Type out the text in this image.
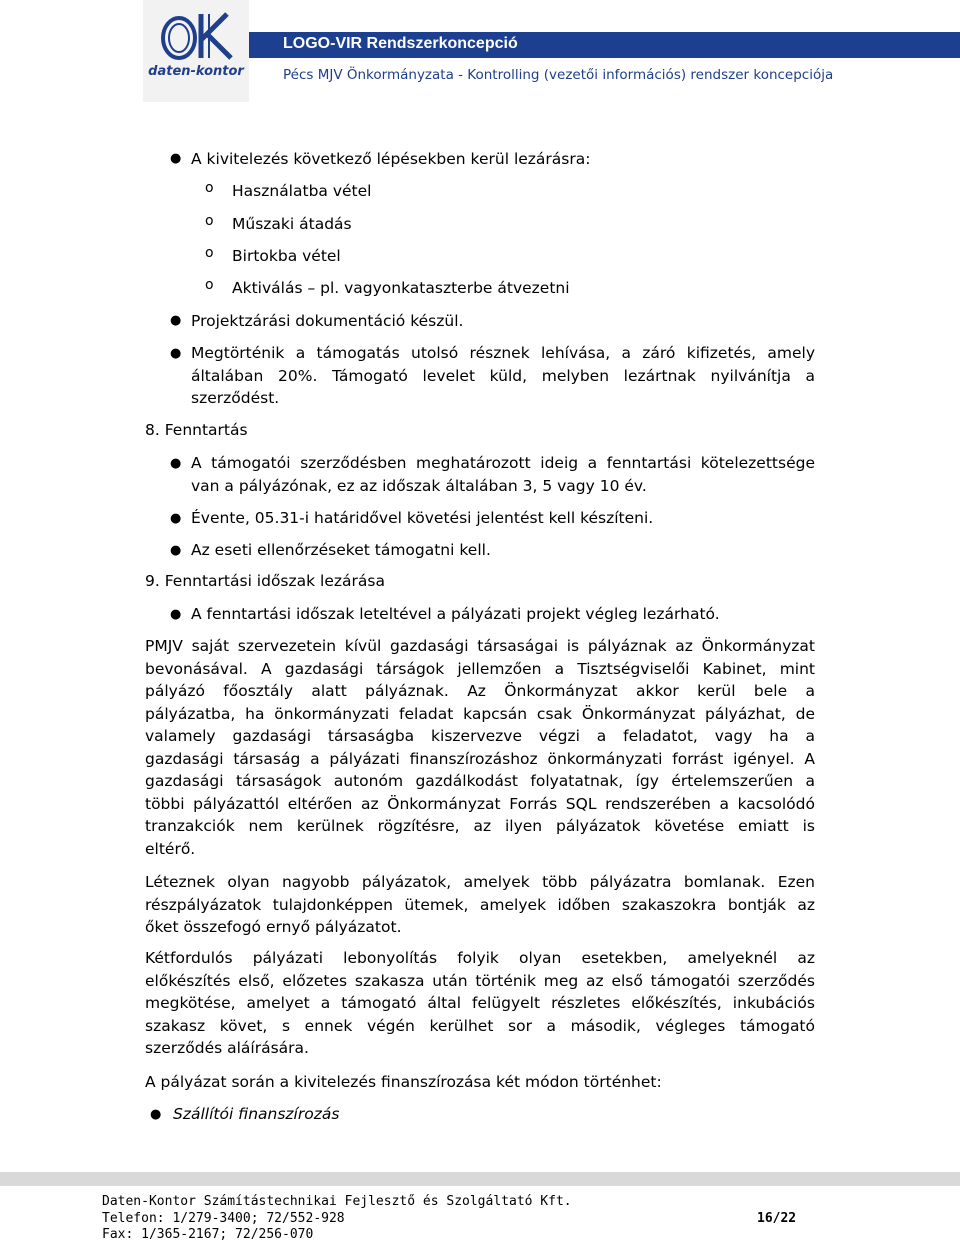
daten-kontor
LOGO-VIR Rendszerkoncepció
Pécs MJV Önkormányzata - Kontrolling (vezetői információs) rendszer koncepciója
● A kivitelezés következő lépésekben kerül lezárásra:
o Használatba vétel
o Műszaki átadás
o Birtokba vétel
o Aktiválás – pl. vagyonkataszterbe átvezetni
● Projektzárási dokumentáció készül.
● Megtörténik a támogatás utolsó résznek lehívása, a záró kifizetés, amely
általában 20%. Támogató levelet küld, melyben lezártnak nyilvánítja a
szerződést.
8. Fenntartás
● A támogatói szerződésben meghatározott ideig a fenntartási kötelezettsége
van a pályázónak, ez az időszak általában 3, 5 vagy 10 év.
● Évente, 05.31-i határidővel követési jelentést kell készíteni.
● Az eseti ellenőrzéseket támogatni kell.
9. Fenntartási időszak lezárása
● A fenntartási időszak leteltével a pályázati projekt végleg lezárható.
PMJV saját szervezetein kívül gazdasági társaságai is pályáznak az Önkormányzat
bevonásával. A gazdasági társágok jellemzően a Tisztségviselői Kabinet, mint
pályázó főosztály alatt pályáznak. Az Önkormányzat akkor kerül bele a
pályázatba, ha önkormányzati feladat kapcsán csak Önkormányzat pályázhat, de
valamely gazdasági társaságba kiszervezve végzi a feladatot, vagy ha a
gazdasági társaság a pályázati finanszírozáshoz önkormányzati forrást igényel. A
gazdasági társaságok autonóm gazdálkodást folyatatnak, így értelemszerűen a
többi pályázattól eltérően az Önkormányzat Forrás SQL rendszerében a kacsolódó
tranzakciók nem kerülnek rögzítésre, az ilyen pályázatok követése emiatt is
eltérő.
Léteznek olyan nagyobb pályázatok, amelyek több pályázatra bomlanak. Ezen
részpályázatok tulajdonképpen ütemek, amelyek időben szakaszokra bontják az
őket összefogó ernyő pályázatot.
Kétfordulós pályázati lebonyolítás folyik olyan esetekben, amelyeknél az
előkészítés első, előzetes szakasza után történik meg az első támogatói szerződés
megkötése, amelyet a támogató által felügyelt részletes előkészítés, inkubációs
szakasz követ, s ennek végén kerülhet sor a második, végleges támogató
szerződés aláírására.
A pályázat során a kivitelezés finanszírozása két módon történhet:
● Szállítói finanszírozás
Daten-Kontor Számítástechnikai Fejlesztő és Szolgáltató Kft.
Telefon: 1/279-3400; 72/552-928
Fax: 1/365-2167; 72/256-070
16/22
